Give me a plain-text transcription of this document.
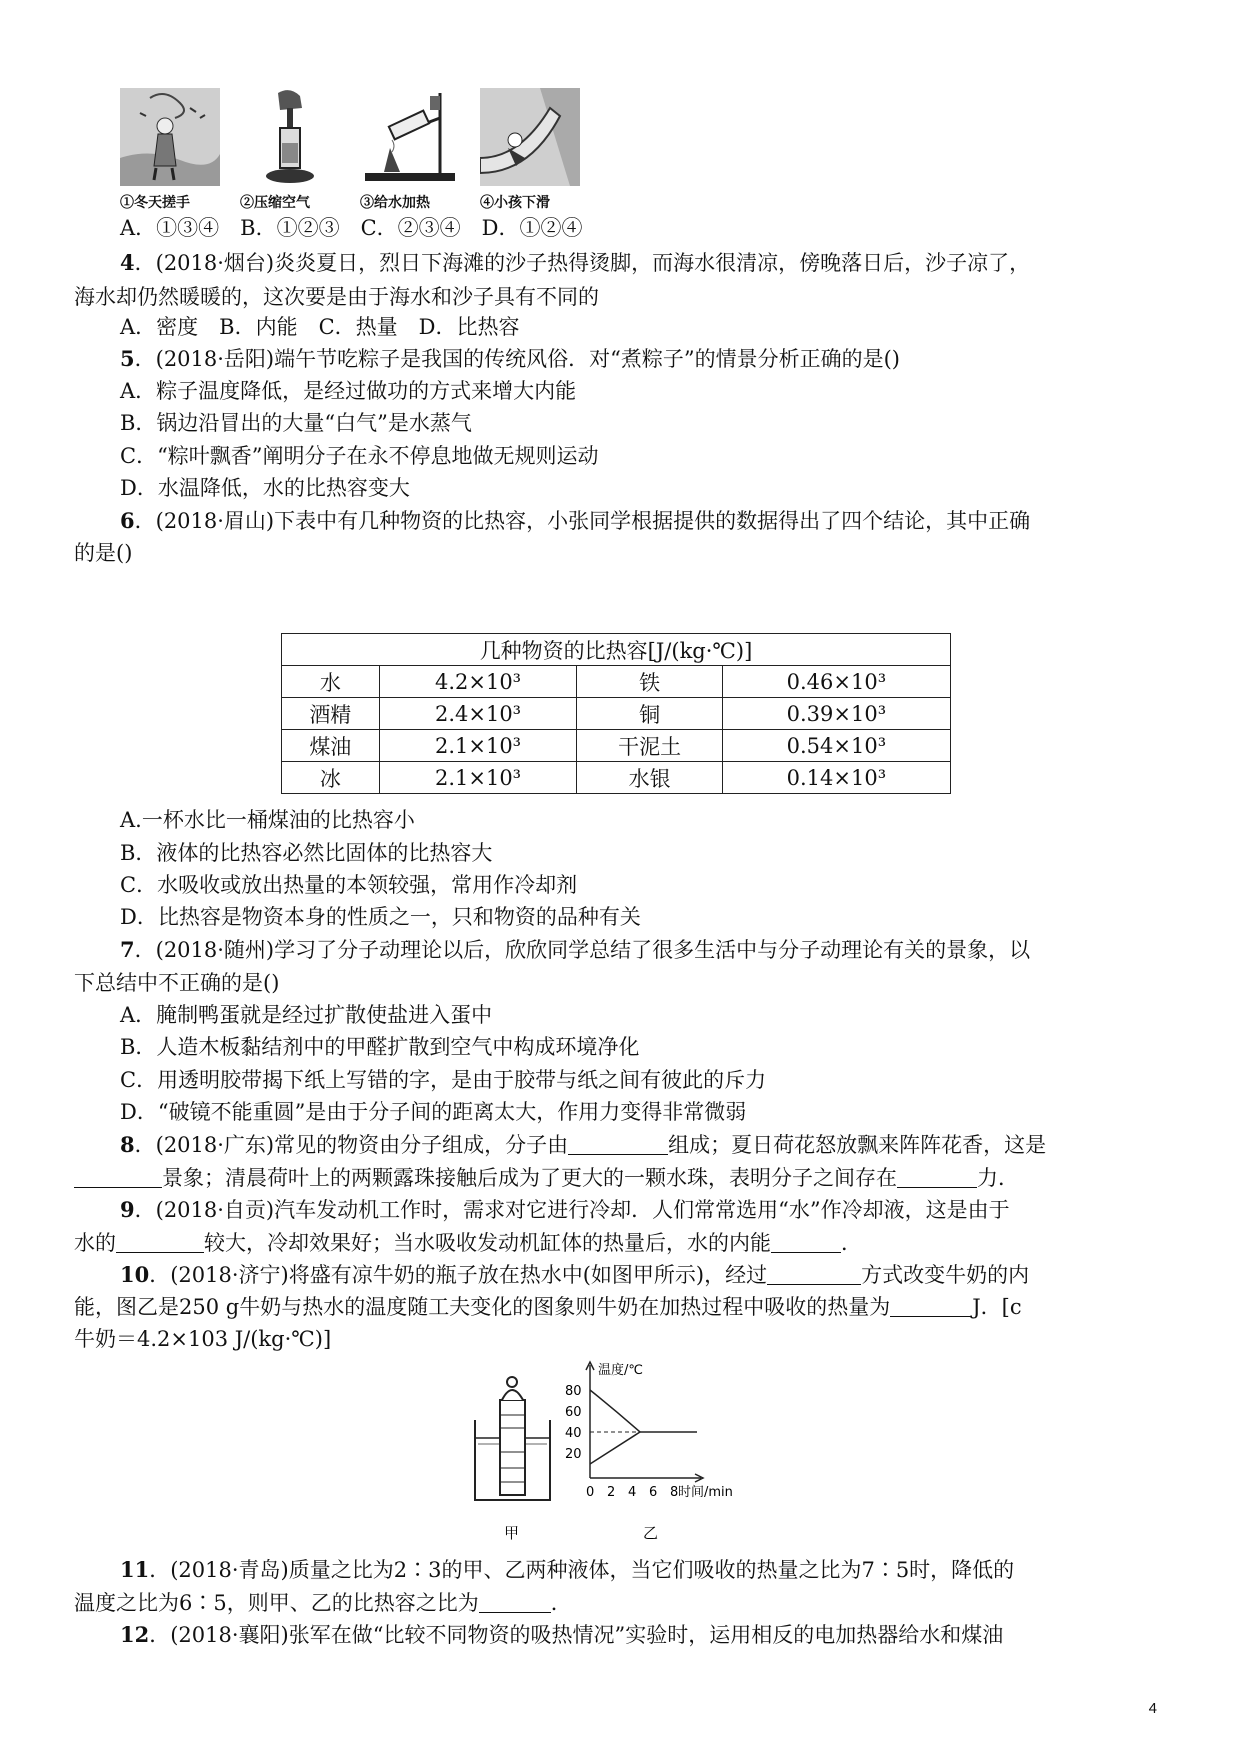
①冬天搓手	②压缩空气	③给水加热	④小孩下滑
A．①③④　B．①②③　C．②③④　D．①②④
4．(2018·烟台)炎炎夏日，烈日下海滩的沙子热得烫脚，而海水很清凉，傍晚落日后，沙子凉了，
海水却仍然暖暖的，这次要是由于海水和沙子具有不同的
A．密度　B．内能　C．热量　D．比热容
5．(2018·岳阳)端午节吃粽子是我国的传统风俗．对“煮粽子”的情景分析正确的是()
A．粽子温度降低，是经过做功的方式来增大内能
B．锅边沿冒出的大量“白气”是水蒸气
C．“粽叶飘香”阐明分子在永不停息地做无规则运动
D．水温降低，水的比热容变大
6．(2018·眉山)下表中有几种物资的比热容，小张同学根据提供的数据得出了四个结论，其中正确
的是()
几种物资的比热容[J/(kg·℃)]			
水	4.2×10³	铁	0.46×10³
酒精	2.4×10³	铜	0.39×10³
煤油	2.1×10³	干泥土	0.54×10³
冰	2.1×10³	水银	0.14×10³
A.一杯水比一桶煤油的比热容小
B．液体的比热容必然比固体的比热容大
C．水吸收或放出热量的本领较强，常用作冷却剂
D．比热容是物资本身的性质之一，只和物资的品种有关
7．(2018·随州)学习了分子动理论以后，欣欣同学总结了很多生活中与分子动理论有关的景象，以
下总结中不正确的是()
A．腌制鸭蛋就是经过扩散使盐进入蛋中
B．人造木板黏结剂中的甲醛扩散到空气中构成环境净化
C．用透明胶带揭下纸上写错的字，是由于胶带与纸之间有彼此的斥力
D．“破镜不能重圆”是由于分子间的距离太大，作用力变得非常微弱
8．(2018·广东)常见的物资由分子组成，分子由	组成；夏日荷花怒放飘来阵阵花香，这是
景象；清晨荷叶上的两颗露珠接触后成为了更大的一颗水珠，表明分子之间存在	力．
9．(2018·自贡)汽车发动机工作时，需求对它进行冷却．人们常常选用“水”作冷却液，这是由于
水的	较大，冷却效果好；当水吸收发动机缸体的热量后，水的内能	．
10．(2018·济宁)将盛有凉牛奶的瓶子放在热水中(如图甲所示)，经过	方式改变牛奶的内
能，图乙是250 g牛奶与热水的温度随工夫变化的图象则牛奶在加热过程中吸收的热量为	J．[c
牛奶＝4.2×103 J/(kg·℃)]
甲
温度/℃
80
60
40
20
0 2 4 6 8 时间/min
乙
11．(2018·青岛)质量之比为2∶3的甲、乙两种液体，当它们吸收的热量之比为7∶5时，降低的
温度之比为6∶5，则甲、乙的比热容之比为	．
12．(2018·襄阳)张军在做“比较不同物资的吸热情况”实验时，运用相反的电加热器给水和煤油
4
